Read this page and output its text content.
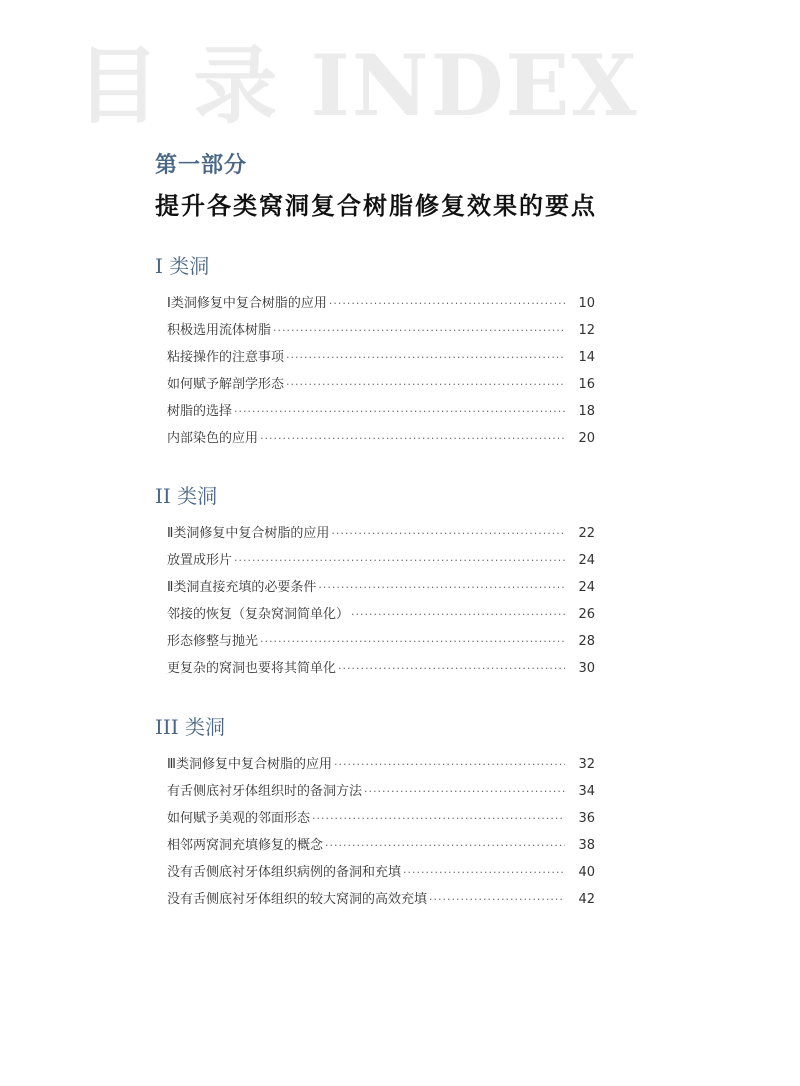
目 录 INDEX
第一部分
提升各类窝洞复合树脂修复效果的要点
I 类洞
Ⅰ类洞修复中复合树脂的应用 ·····	10
积极选用流体树脂 ·····	12
粘接操作的注意事项 ·····	14
如何赋予解剖学形态 ·····	16
树脂的选择 ·····	18
内部染色的应用 ·····	20
II 类洞
Ⅱ类洞修复中复合树脂的应用 ·····	22
放置成形片 ·····	24
Ⅱ类洞直接充填的必要条件 ·····	24
邻接的恢复（复杂窝洞简单化） ·····	26
形态修整与抛光 ·····	28
更复杂的窝洞也要将其简单化 ·····	30
III 类洞
Ⅲ类洞修复中复合树脂的应用 ·····	32
有舌侧底衬牙体组织时的备洞方法 ·····	34
如何赋予美观的邻面形态 ·····	36
相邻两窝洞充填修复的概念 ·····	38
没有舌侧底衬牙体组织病例的备洞和充填 ·····	40
没有舌侧底衬牙体组织的较大窝洞的高效充填 ·····	42
